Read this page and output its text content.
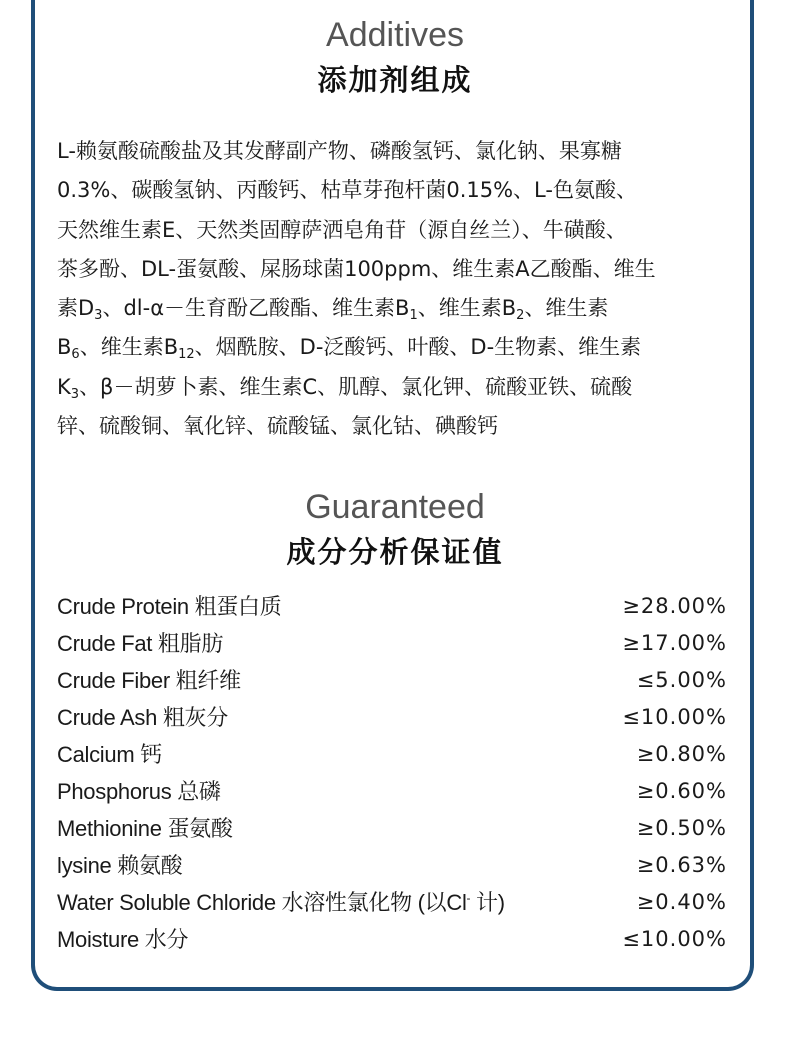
Additives
添加剂组成
L-赖氨酸硫酸盐及其发酵副产物、磷酸氢钙、氯化钠、果寡糖
0.3%、碳酸氢钠、丙酸钙、枯草芽孢杆菌0.15%、L-色氨酸、
天然维生素E、天然类固醇萨洒皂角苷（源自丝兰）、牛磺酸、
茶多酚、DL-蛋氨酸、屎肠球菌100ppm、维生素A乙酸酯、维生
素$D_3$、dl-α－生育酚乙酸酯、维生素$B_1$、维生素$B_2$、维生素
$B_6$、维生素$B_{12}$、烟酰胺、D-泛酸钙、叶酸、D-生物素、维生素
$K_3$、β－胡萝卜素、维生素C、肌醇、氯化钾、硫酸亚铁、硫酸
锌、硫酸铜、氧化锌、硫酸锰、氯化钴、碘酸钙
Guaranteed
成分分析保证值
Crude Protein 粗蛋白质	≥28.00%
Crude Fat 粗脂肪	≥17.00%
Crude Fiber 粗纤维	≤5.00%
Crude Ash 粗灰分	≤10.00%
Calcium 钙	≥0.80%
Phosphorus 总磷	≥0.60%
Methionine 蛋氨酸	≥0.50%
lysine 赖氨酸	≥0.63%
Water Soluble Chloride 水溶性氯化物 (以Cl- 计)	≥0.40%
Moisture 水分	≤10.00%
